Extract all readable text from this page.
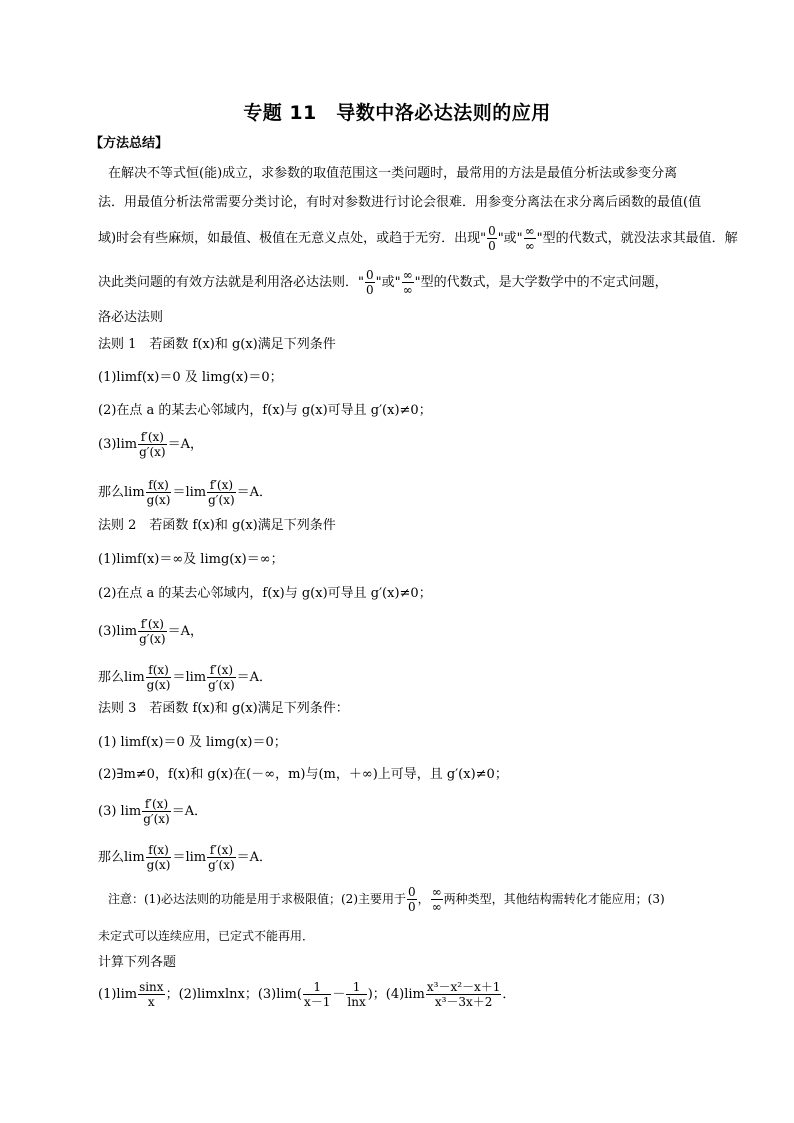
专题 11　导数中洛必达法则的应用
【方法总结】
在解决不等式恒(能)成立，求参数的取值范围这一类问题时，最常用的方法是最值分析法或参变分离
法．用最值分析法常需要分类讨论，有时对参数进行讨论会很难．用参变分离法在求分离后函数的最值(值
域)时会有些麻烦，如最值、极值在无意义点处，或趋于无穷．出现" $\frac{0}{0}$ "或" $\frac{\infty}{\infty}$ "型的代数式，就没法求其最值．解
决此类问题的有效方法就是利用洛必达法则．" $\frac{0}{0}$ "或" $\frac{\infty}{\infty}$ "型的代数式，是大学数学中的不定式问题，
洛必达法则
法则 1　若函数 f(x)和 g(x)满足下列条件
(1)limf(x)＝0 及 limg(x)＝0；
(2)在点 a 的某去心邻域内，f(x)与 g(x)可导且 g′(x)≠0；
$(3)\lim \frac{f'(x)}{g'(x)} =A$，
那么$\lim \frac{f(x)}{g(x)} =\lim \frac{f'(x)}{g'(x)} =A$．
法则 2　若函数 f(x)和 g(x)满足下列条件
(1)limf(x)＝∞及 limg(x)＝∞；
(2)在点 a 的某去心邻域内，f(x)与 g(x)可导且 g′(x)≠0；
$(3)\lim \frac{f'(x)}{g'(x)} =A$，
那么$\lim \frac{f(x)}{g(x)} =\lim \frac{f'(x)}{g'(x)} =A$．
法则 3　若函数 f(x)和 g(x)满足下列条件：
(1) limf(x)＝0 及 limg(x)＝0；
(2)∃m≠0，f(x)和 g(x)在(－∞，m)与(m，＋∞)上可导，且 g′(x)≠0；
(3) $\lim \frac{f'(x)}{g'(x)} =A$．
那么$\lim \frac{f(x)}{g(x)} =\lim \frac{f'(x)}{g'(x)} =A$．
注意：(1)必达法则的功能是用于求极限值；(2)主要用于 $\frac{0}{0}$ ， $\frac{\infty}{\infty}$ 两种类型，其他结构需转化才能应用；(3)
未定式可以连续应用，已定式不能再用．
计算下列各题
$(1)\lim \frac{\sin x}{x}$ ；(2)limxlnx；$(3)\lim( \frac{1}{x-1} - \frac{1}{\ln x}$ )；$(4)\lim \frac{\text{x³－x²－x＋1}}{\text{x³－3x＋2}}$ ．
